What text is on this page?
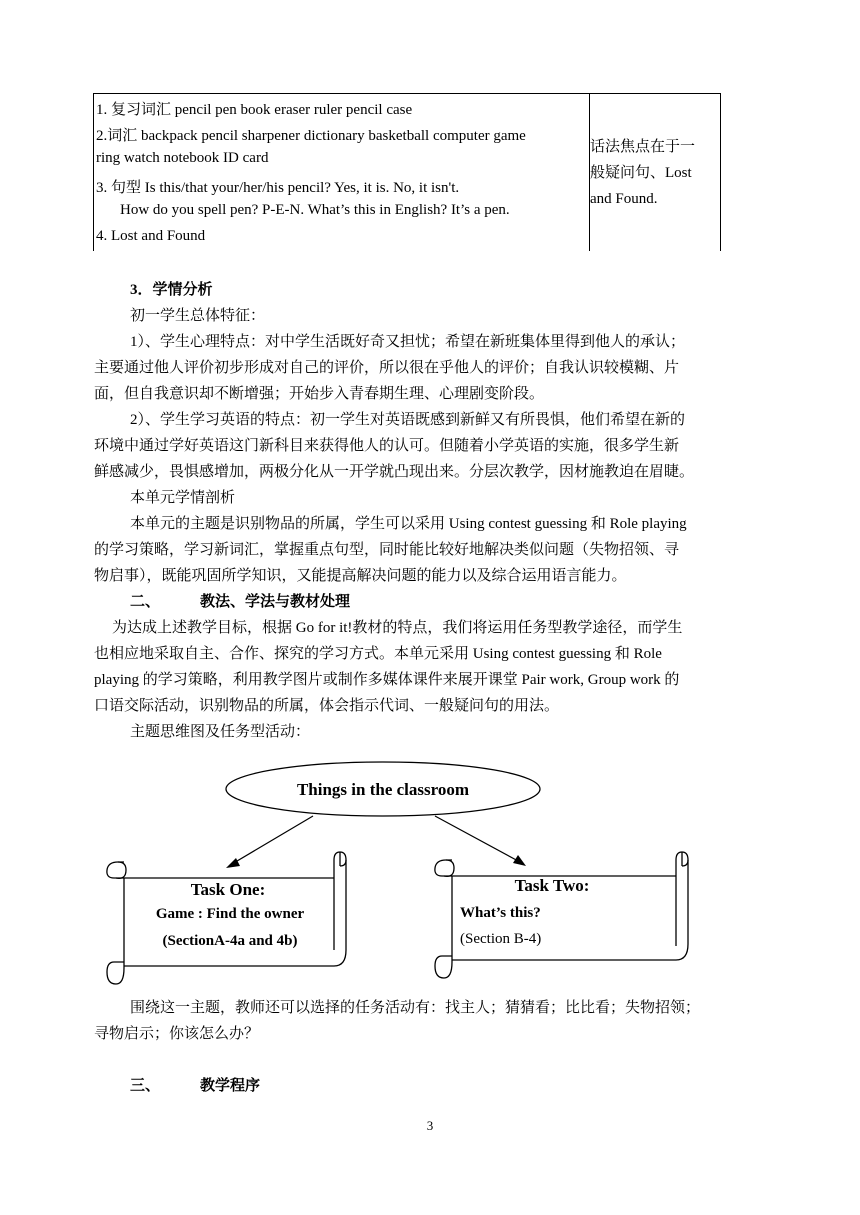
1. 复习词汇 pencil pen book eraser ruler pencil case
2.词汇 backpack pencil sharpener dictionary basketball computer game
ring watch notebook ID card
3. 句型 Is this/that your/her/his pencil? Yes, it is. No, it isn't.
How do you spell pen? P-E-N. What’s this in English? It’s a pen.
4. Lost and Found
话法焦点在于一
般疑问句、Lost
and Found.
3．学情分析
初一学生总体特征：
1）、学生心理特点：对中学生活既好奇又担忧；希望在新班集体里得到他人的承认；
主要通过他人评价初步形成对自己的评价，所以很在乎他人的评价；自我认识较模糊、片
面，但自我意识却不断增强；开始步入青春期生理、心理剧变阶段。
2）、学生学习英语的特点：初一学生对英语既感到新鲜又有所畏惧，他们希望在新的
环境中通过学好英语这门新科目来获得他人的认可。但随着小学英语的实施，很多学生新
鲜感减少，畏惧感增加，两极分化从一开学就凸现出来。分层次教学，因材施教迫在眉睫。
本单元学情剖析
本单元的主题是识别物品的所属，学生可以采用 Using contest guessing 和 Role playing
的学习策略，学习新词汇，掌握重点句型，同时能比较好地解决类似问题（失物招领、寻
物启事），既能巩固所学知识，又能提高解决问题的能力以及综合运用语言能力。
二、	教法、学法与教材处理
为达成上述教学目标，根据 Go for it!教材的特点，我们将运用任务型教学途径，而学生
也相应地采取自主、合作、探究的学习方式。本单元采用 Using contest guessing 和 Role
playing 的学习策略，利用教学图片或制作多媒体课件来展开课堂 Pair work, Group work 的
口语交际活动，识别物品的所属，体会指示代词、一般疑问句的用法。
主题思维图及任务型活动：
Things in the classroom
Task One:
Game : Find the owner
(SectionA-4a and 4b)
Task Two:
What’s this?
(Section B-4)
围绕这一主题，教师还可以选择的任务活动有：找主人；猜猜看；比比看；失物招领；
寻物启示；你该怎么办？
三、	教学程序
3
